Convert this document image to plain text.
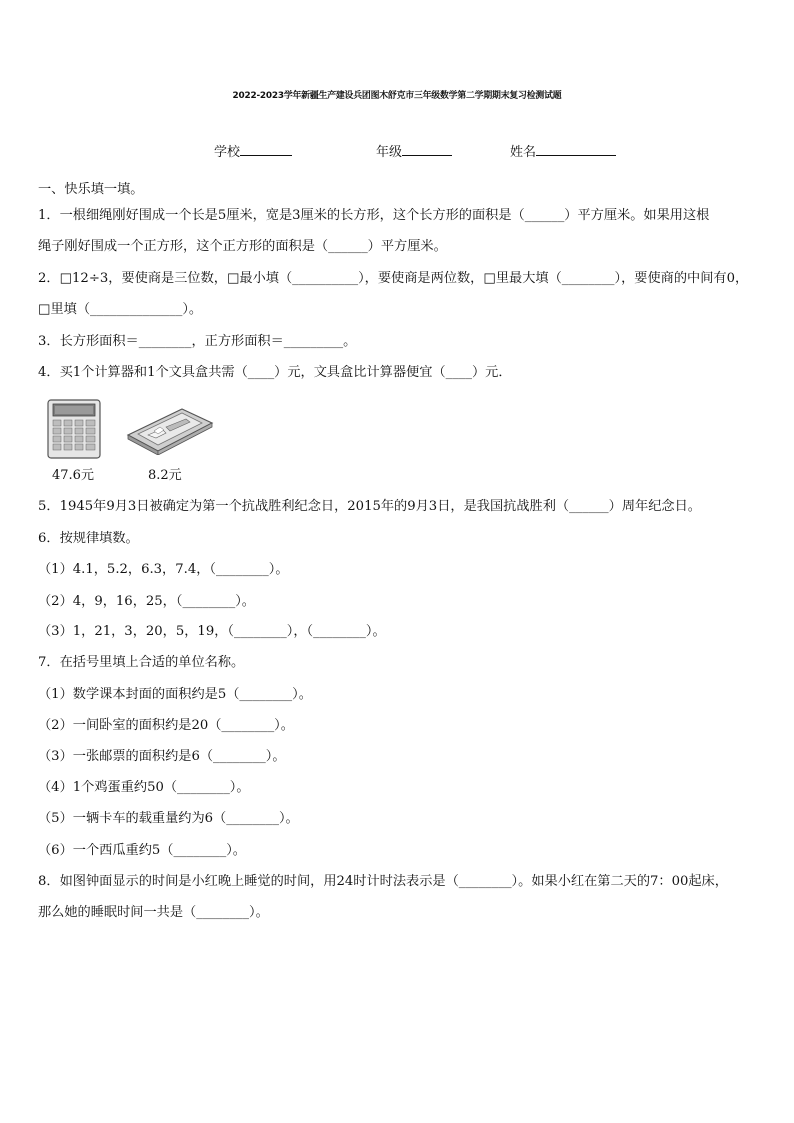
2022-2023学年新疆生产建设兵团图木舒克市三年级数学第二学期期末复习检测试题
学校	年级	姓名
一、快乐填一填。
1．一根细绳刚好围成一个长是5厘米，宽是3厘米的长方形，这个长方形的面积是（______）平方厘米。如果用这根
绳子刚好围成一个正方形，这个正方形的面积是（______）平方厘米。
2．□12÷3，要使商是三位数，□最小填（__________），要使商是两位数，□里最大填（________），要使商的中间有0，
□里填（______________）。
3．长方形面积＝________，正方形面积＝_________。
4．买1个计算器和1个文具盒共需（____）元，文具盒比计算器便宜（____）元．
47.6元	8.2元
5．1945年9月3日被确定为第一个抗战胜利纪念日，2015年的9月3日，是我国抗战胜利（______）周年纪念日。
6．按规律填数。
（1）4.1，5.2，6.3，7.4，（________）。
（2）4，9，16，25，（________）。
（3）1，21，3，20，5，19，（________），（________）。
7．在括号里填上合适的单位名称。
（1）数学课本封面的面积约是5（________）。
（2）一间卧室的面积约是20（________）。
（3）一张邮票的面积约是6（________）。
（4）1个鸡蛋重约50（________）。
（5）一辆卡车的载重量约为6（________）。
（6）一个西瓜重约5（________）。
8．如图钟面显示的时间是小红晚上睡觉的时间，用24时计时法表示是（________）。如果小红在第二天的7：00起床，
那么她的睡眠时间一共是（________）。
